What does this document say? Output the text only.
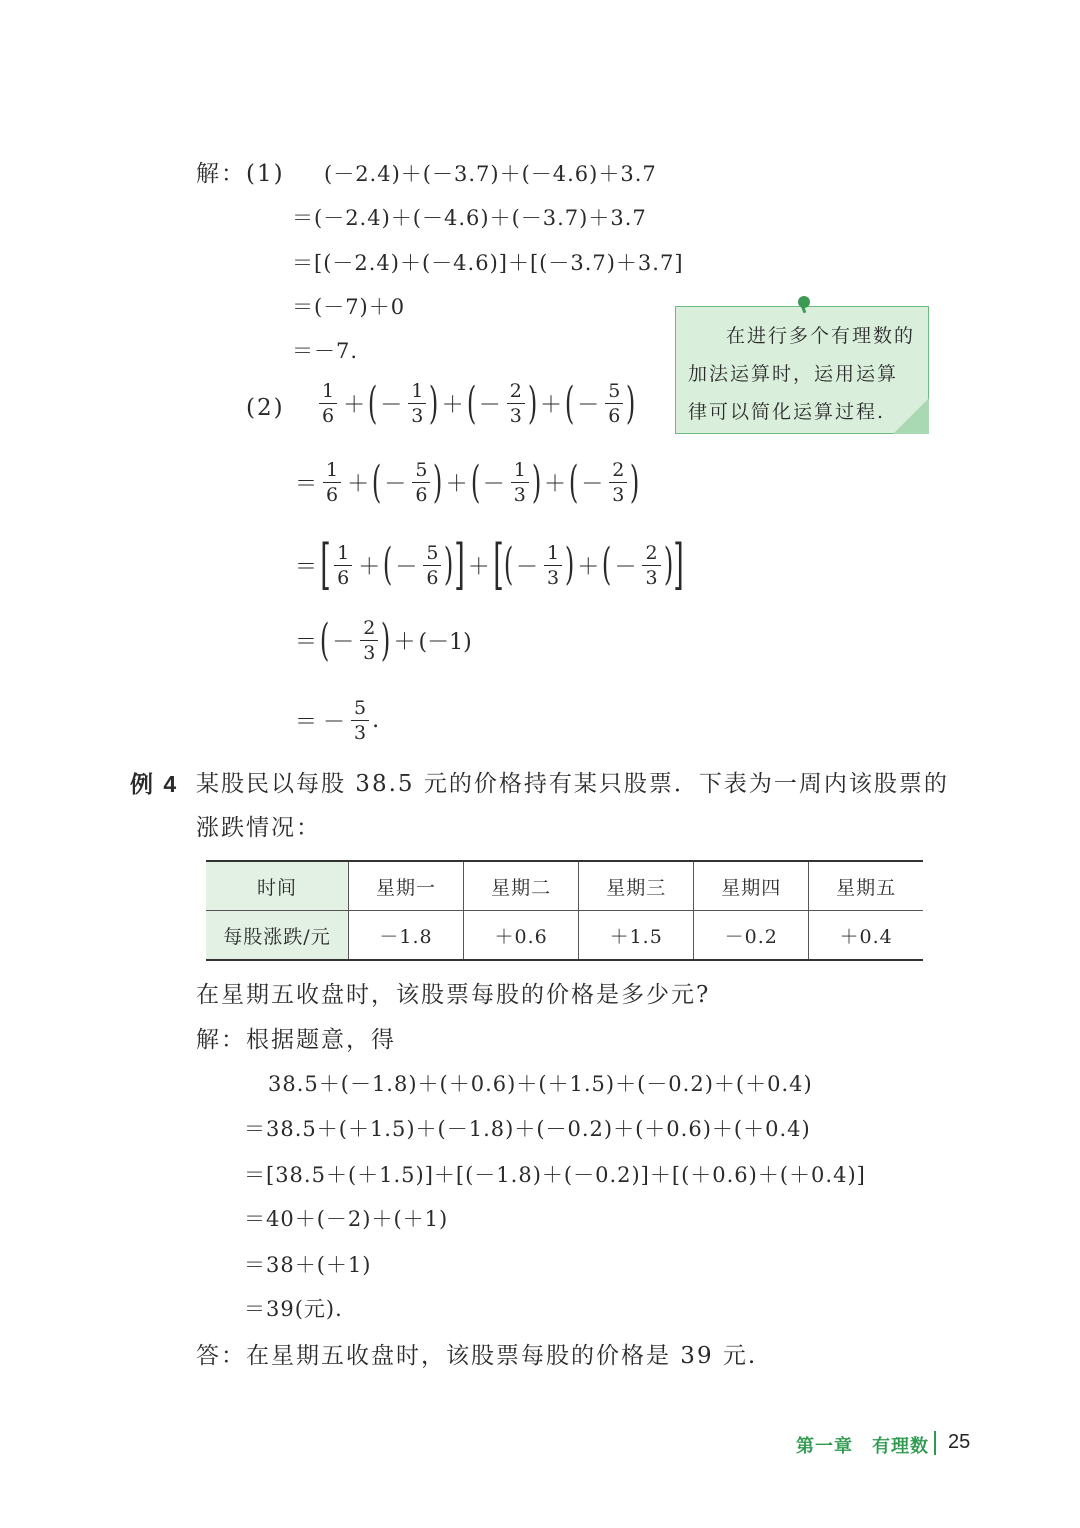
解：(1) (－2.4)＋(－3.7)＋(－4.6)＋3.7
＝(－2.4)＋(－4.6)＋(－3.7)＋3.7
＝[(－2.4)＋(－4.6)]＋[(－3.7)＋3.7]
＝(－7)＋0
＝－7.
在进行多个有理数的加法运算时，运用运算律可以简化运算过程.
$(2) \frac{1}{6}$ ＋ ( － $\frac{1}{3}$ ) ＋ ( － $\frac{2}{3}$ ) ＋ ( － $\frac{5}{6}$ )
＝ $\frac{1}{6}$ ＋ ( － $\frac{5}{6}$ ) ＋ ( － $\frac{1}{3}$ ) ＋ ( － $\frac{2}{3}$ )
＝ [ $\frac{1}{6}$ ＋ ( － $\frac{5}{6}$ ) ] ＋ [ ( － $\frac{1}{3}$ ) ＋ ( － $\frac{2}{3}$ ) ]
＝ ( － $\frac{2}{3}$ ) ＋ (－1)
＝ － $\frac{5}{3}$ .
例 4 某股民以每股 38.5 元的价格持有某只股票．下表为一周内该股票的
涨跌情况：
时间	星期一	星期二	星期三	星期四	星期五
每股涨跌/元	－1.8	＋0.6	＋1.5	－0.2	＋0.4
在星期五收盘时，该股票每股的价格是多少元?
解：根据题意，得
38.5＋(－1.8)＋(＋0.6)＋(＋1.5)＋(－0.2)＋(＋0.4)
＝38.5＋(＋1.5)＋(－1.8)＋(－0.2)＋(＋0.6)＋(＋0.4)
＝[38.5＋(＋1.5)]＋[(－1.8)＋(－0.2)]＋[(＋0.6)＋(＋0.4)]
＝40＋(－2)＋(＋1)
＝38＋(＋1)
＝39(元).
答：在星期五收盘时，该股票每股的价格是 39 元.
第一章　有理数 25
